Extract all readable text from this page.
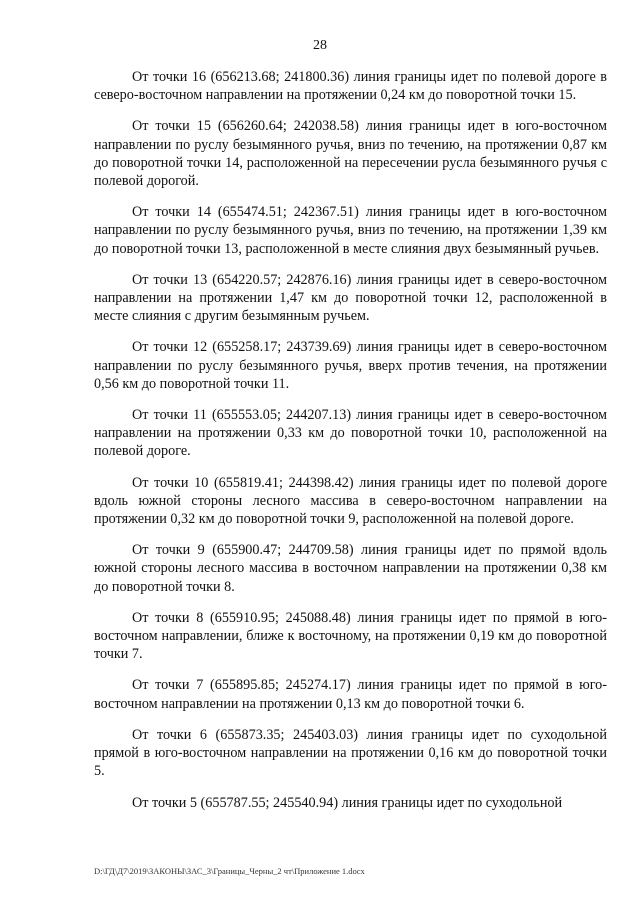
28

От точки 16 (656213.68; 241800.36) линия границы идет по полевой дороге в северо-восточном направлении на протяжении 0,24 км до поворотной точки 15.

От точки 15 (656260.64; 242038.58) линия границы идет в юго-восточном направлении по руслу безымянного ручья, вниз по течению, на протяжении 0,87 км до поворотной точки 14, расположенной на пересечении русла безымянного ручья с полевой дорогой.

От точки 14 (655474.51; 242367.51) линия границы идет в юго-восточном направлении по руслу безымянного ручья, вниз по течению, на протяжении 1,39 км до поворотной точки 13, расположенной в месте слияния двух безымянный ручьев.

От точки 13 (654220.57; 242876.16) линия границы идет в северо-восточном направлении на протяжении 1,47 км до поворотной точки 12, расположенной в месте слияния с другим безымянным ручьем.

От точки 12 (655258.17; 243739.69) линия границы идет в северо-восточном направлении по руслу безымянного ручья, вверх против течения, на протяжении 0,56 км до поворотной точки 11.

От точки 11 (655553.05; 244207.13) линия границы идет в северо-восточном направлении на протяжении 0,33 км до поворотной точки 10, расположенной на полевой дороге.

От точки 10 (655819.41; 244398.42) линия границы идет по полевой дороге вдоль южной стороны лесного массива в северо-восточном направлении на протяжении 0,32 км до поворотной точки 9, расположенной на полевой дороге.

От точки 9 (655900.47; 244709.58) линия границы идет по прямой вдоль южной стороны лесного массива в восточном направлении на протяжении 0,38 км до поворотной точки 8.

От точки 8 (655910.95; 245088.48) линия границы идет по прямой в юго-восточном направлении, ближе к восточному, на протяжении 0,19 км до поворотной точки 7.

От точки 7 (655895.85; 245274.17) линия границы идет по прямой в юго-восточном направлении на протяжении 0,13 км до поворотной точки 6.

От точки 6 (655873.35; 245403.03) линия границы идет по суходольной прямой в юго-восточном направлении на протяжении 0,16 км до поворотной точки 5.

От точки 5 (655787.55; 245540.94) линия границы идет по суходольной

D:\ГД\Д7\2019\ЗАКОНЫ\ЗАС_3\Границы_Черны_2 чт\Приложение 1.docx
